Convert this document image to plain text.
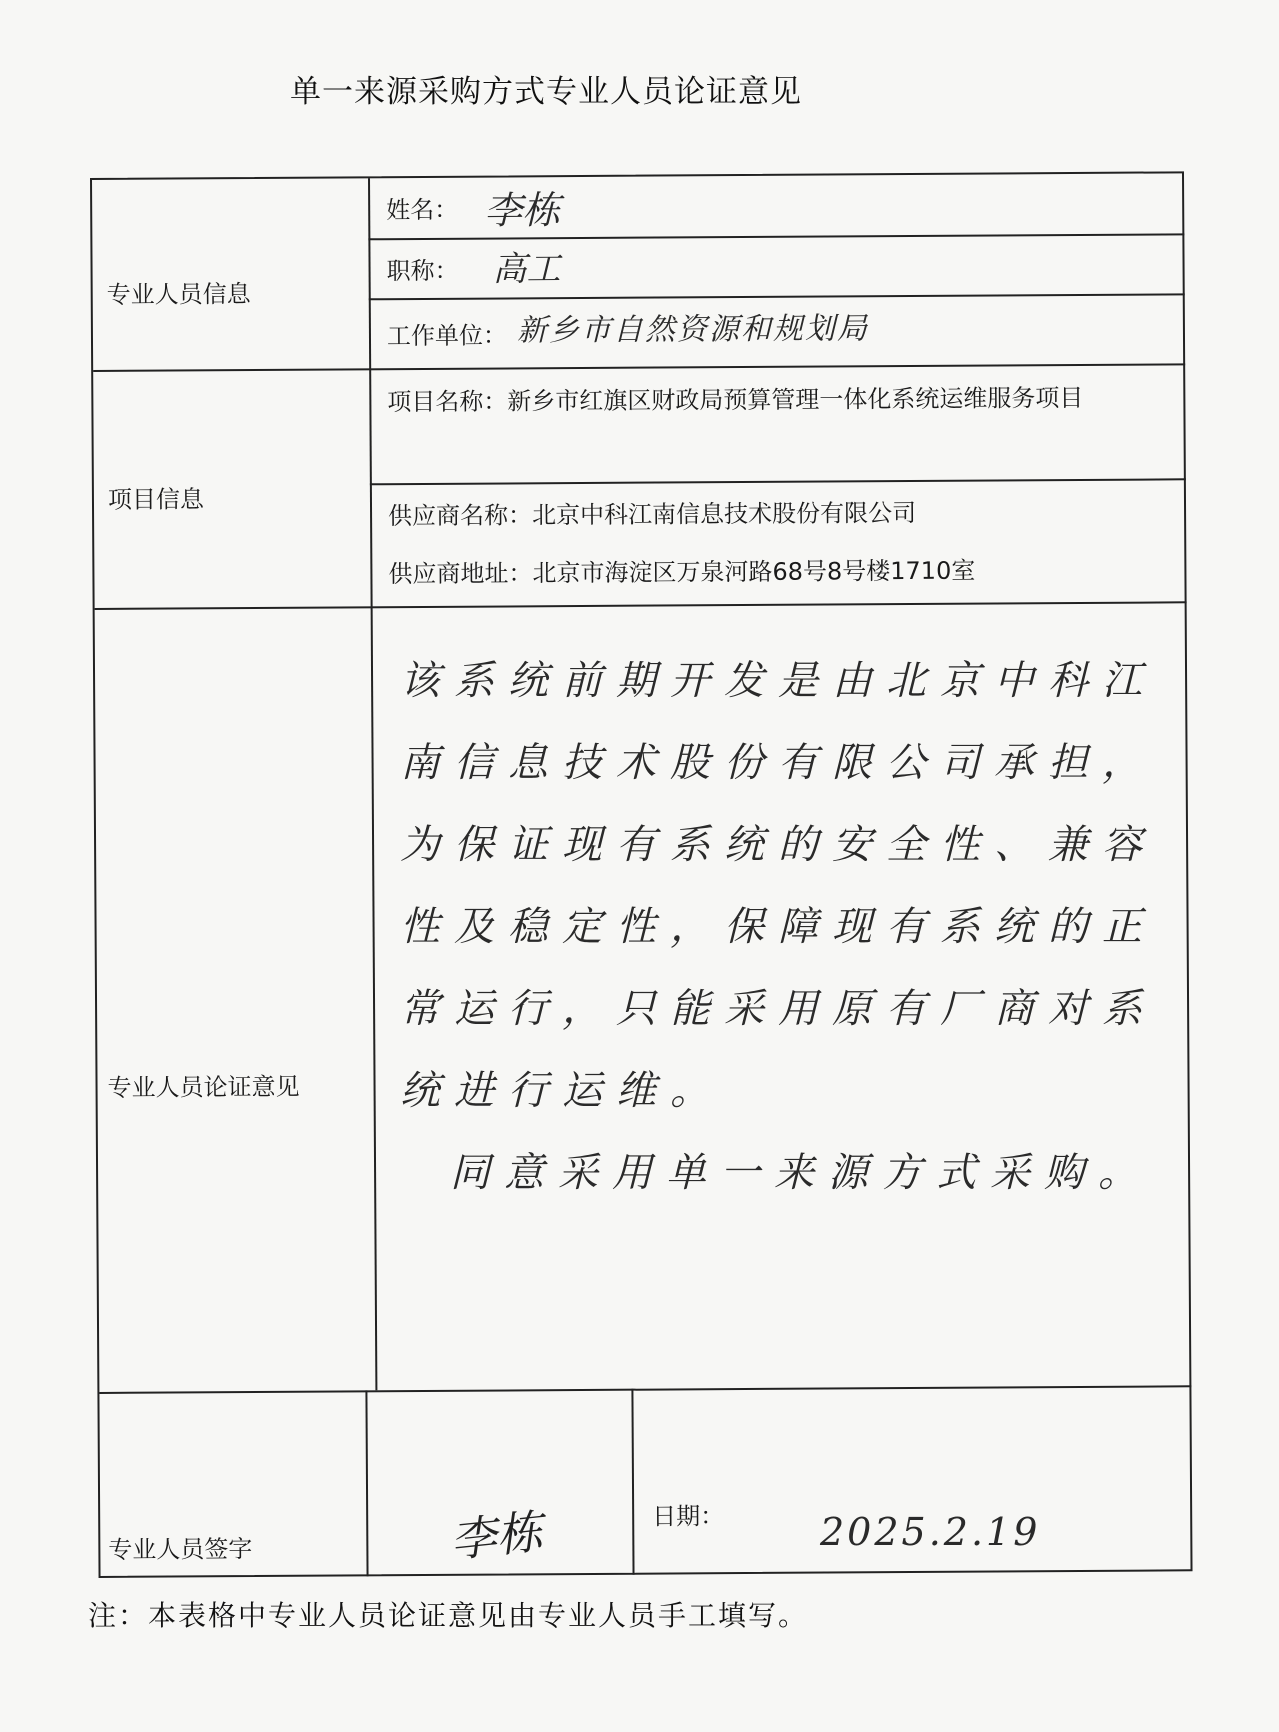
单一来源采购方式专业人员论证意见
专业人员信息
姓名： 李栋
职称： 高工
工作单位： 新乡市自然资源和规划局
项目信息
项目名称：新乡市红旗区财政局预算管理一体化系统运维服务项目
供应商名称：北京中科江南信息技术股份有限公司
供应商地址：北京市海淀区万泉河路68号8号楼1710室
专业人员论证意见
专业人员签字
日期：
该系统前期开发是由北京中科江南信息技术股份有限公司承担，为保证现有系统的安全性、兼容性及稳定性，保障现有系统的正常运行，只能采用原有厂商对系统进行运维。
同意采用单一来源方式采购。
李栋	2025.2.19
注：本表格中专业人员论证意见由专业人员手工填写。
